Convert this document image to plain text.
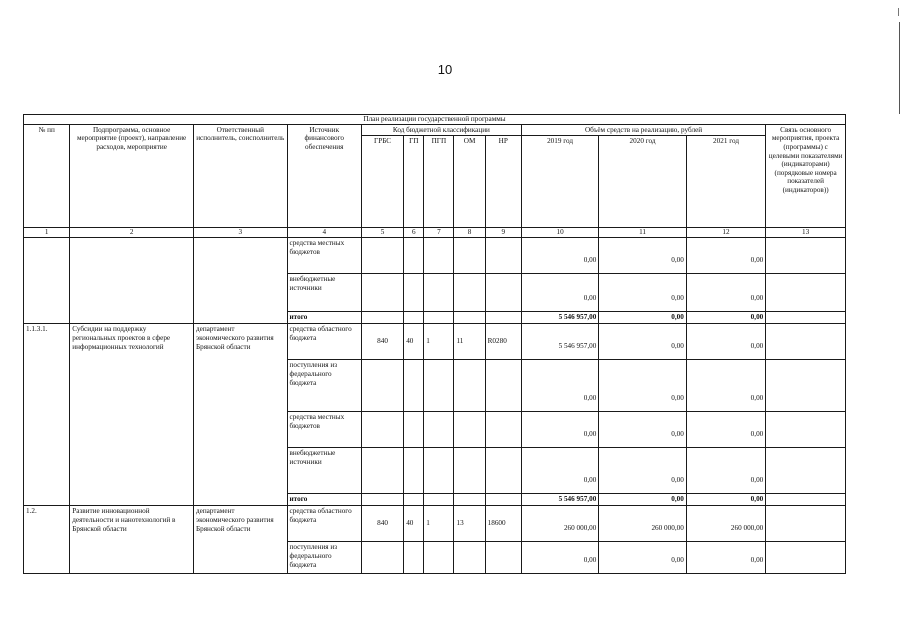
10
План реализации государственной программы												
№ пп	Подпрограмма, основное мероприятие (проект), направление расходов, мероприятие	Ответственный исполнитель, соисполнитель	Источник финансового обеспечения	Код бюджетной классификации					Объём средств на реализацию, рублей			Связь основного мероприятия, проекта (программы) с целевыми показателями (индикаторами) (порядковые номера показателей (индикаторов))
				ГРБС	ГП	ПГП	ОМ	НР	2019 год	2020 год	2021 год	
1	2	3	4	5	6	7	8	9	10	11	12	13
			средства местных бюджетов						0,00	0,00	0,00	
			внебюджетные источники						0,00	0,00	0,00	
			итого						5 546 957,00	0,00	0,00	
1.1.3.1.	Субсидии на поддержку региональных проектов в сфере информационных технологий	департамент экономического развития Брянской области	средства областного бюджета	840	40	1	11	R0280	5 546 957,00	0,00	0,00	
			поступления из федерального бюджета						0,00	0,00	0,00	
			средства местных бюджетов						0,00	0,00	0,00	
			внебюджетные источники						0,00	0,00	0,00	
			итого						5 546 957,00	0,00	0,00	
1.2.	Развитие инновационной деятельности и нанотехнологий в Брянской области	департамент экономического развития Брянской области	средства областного бюджета	840	40	1	13	18600	260 000,00	260 000,00	260 000,00	
			поступления из федерального бюджета						0,00	0,00	0,00	
